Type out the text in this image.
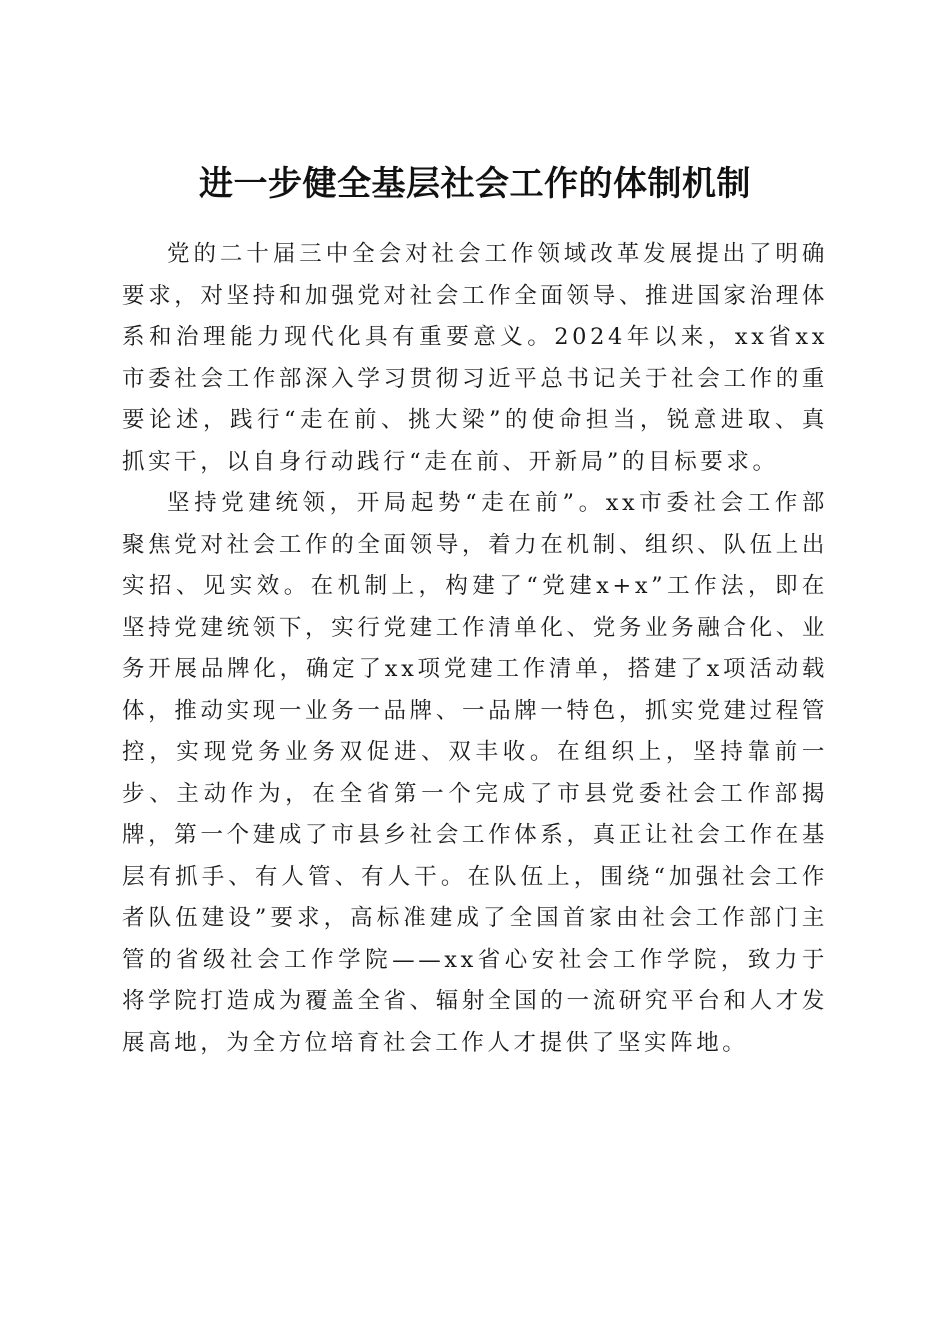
进一步健全基层社会工作的体制机制

党的二十届三中全会对社会工作领域改革发展提出了明确要求，对坚持和加强党对社会工作全面领导、推进国家治理体系和治理能力现代化具有重要意义。2024年以来，xx省xx市委社会工作部深入学习贯彻习近平总书记关于社会工作的重要论述，践行“走在前、挑大梁”的使命担当，锐意进取、真抓实干，以自身行动践行“走在前、开新局”的目标要求。

坚持党建统领，开局起势“走在前”。xx市委社会工作部聚焦党对社会工作的全面领导，着力在机制、组织、队伍上出实招、见实效。在机制上，构建了“党建x+x”工作法，即在坚持党建统领下，实行党建工作清单化、党务业务融合化、业务开展品牌化，确定了xx项党建工作清单，搭建了x项活动载体，推动实现一业务一品牌、一品牌一特色，抓实党建过程管控，实现党务业务双促进、双丰收。在组织上，坚持靠前一步、主动作为，在全省第一个完成了市县党委社会工作部揭牌，第一个建成了市县乡社会工作体系，真正让社会工作在基层有抓手、有人管、有人干。在队伍上，围绕“加强社会工作者队伍建设”要求，高标准建成了全国首家由社会工作部门主管的省级社会工作学院——xx省心安社会工作学院，致力于将学院打造成为覆盖全省、辐射全国的一流研究平台和人才发展高地，为全方位培育社会工作人才提供了坚实阵地。
